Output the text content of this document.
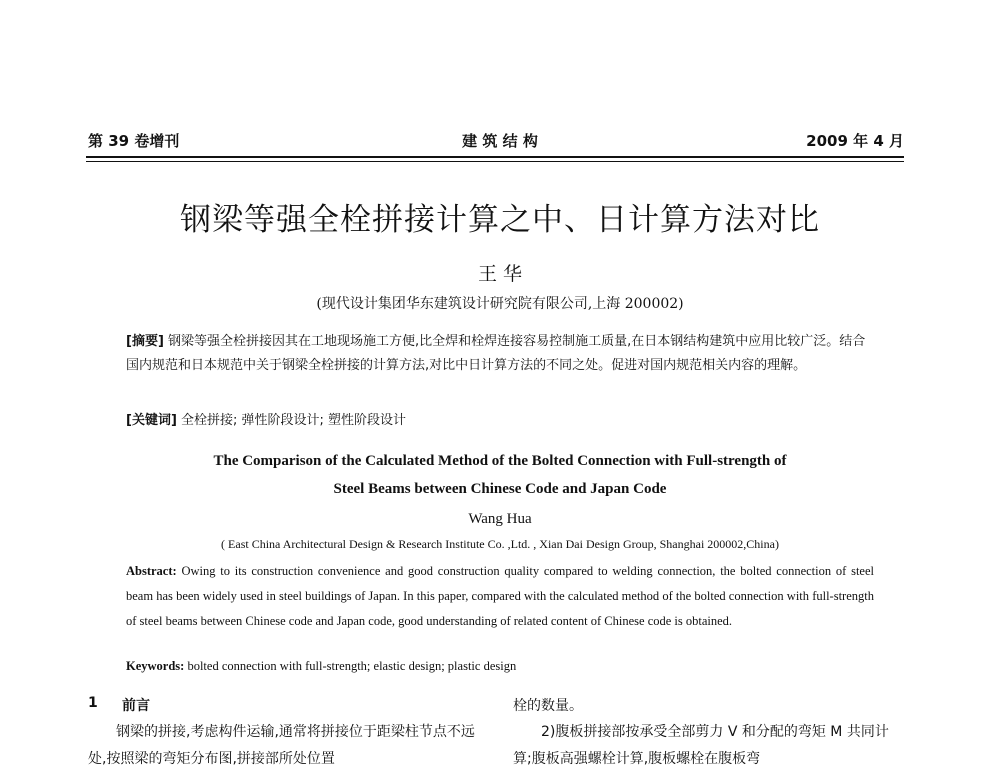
第 39 卷增刊	建 筑 结 构	2009 年 4 月
钢梁等强全栓拼接计算之中、日计算方法对比
王 华
(现代设计集团华东建筑设计研究院有限公司,上海 200002)
[摘要] 钢梁等强全栓拼接因其在工地现场施工方便,比全焊和栓焊连接容易控制施工质量,在日本钢结构建筑中应用比较广泛。结合国内规范和日本规范中关于钢梁全栓拼接的计算方法,对比中日计算方法的不同之处。促进对国内规范相关内容的理解。
[关键词] 全栓拼接; 弹性阶段设计; 塑性阶段设计
The Comparison of the Calculated Method of the Bolted Connection with Full-strength of
Steel Beams between Chinese Code and Japan Code
Wang Hua
( East China Architectural Design & Research Institute Co. ,Ltd. , Xian Dai Design Group, Shanghai 200002,China)
Abstract: Owing to its construction convenience and good construction quality compared to welding connection, the bolted connection of steel beam has been widely used in steel buildings of Japan. In this paper, compared with the calculated method of the bolted connection with full-strength of steel beams between Chinese code and Japan code, good understanding of related content of Chinese code is obtained.
Keywords: bolted connection with full-strength; elastic design; plastic design
1 前言
钢梁的拼接,考虑构件运输,通常将拼接位于距梁柱节点不远处,按照梁的弯矩分布图,拼接部所处位置
栓的数量。
2)腹板拼接部按承受全部剪力 V 和分配的弯矩 M 共同计算;腹板高强螺栓计算,腹板螺栓在腹板弯
